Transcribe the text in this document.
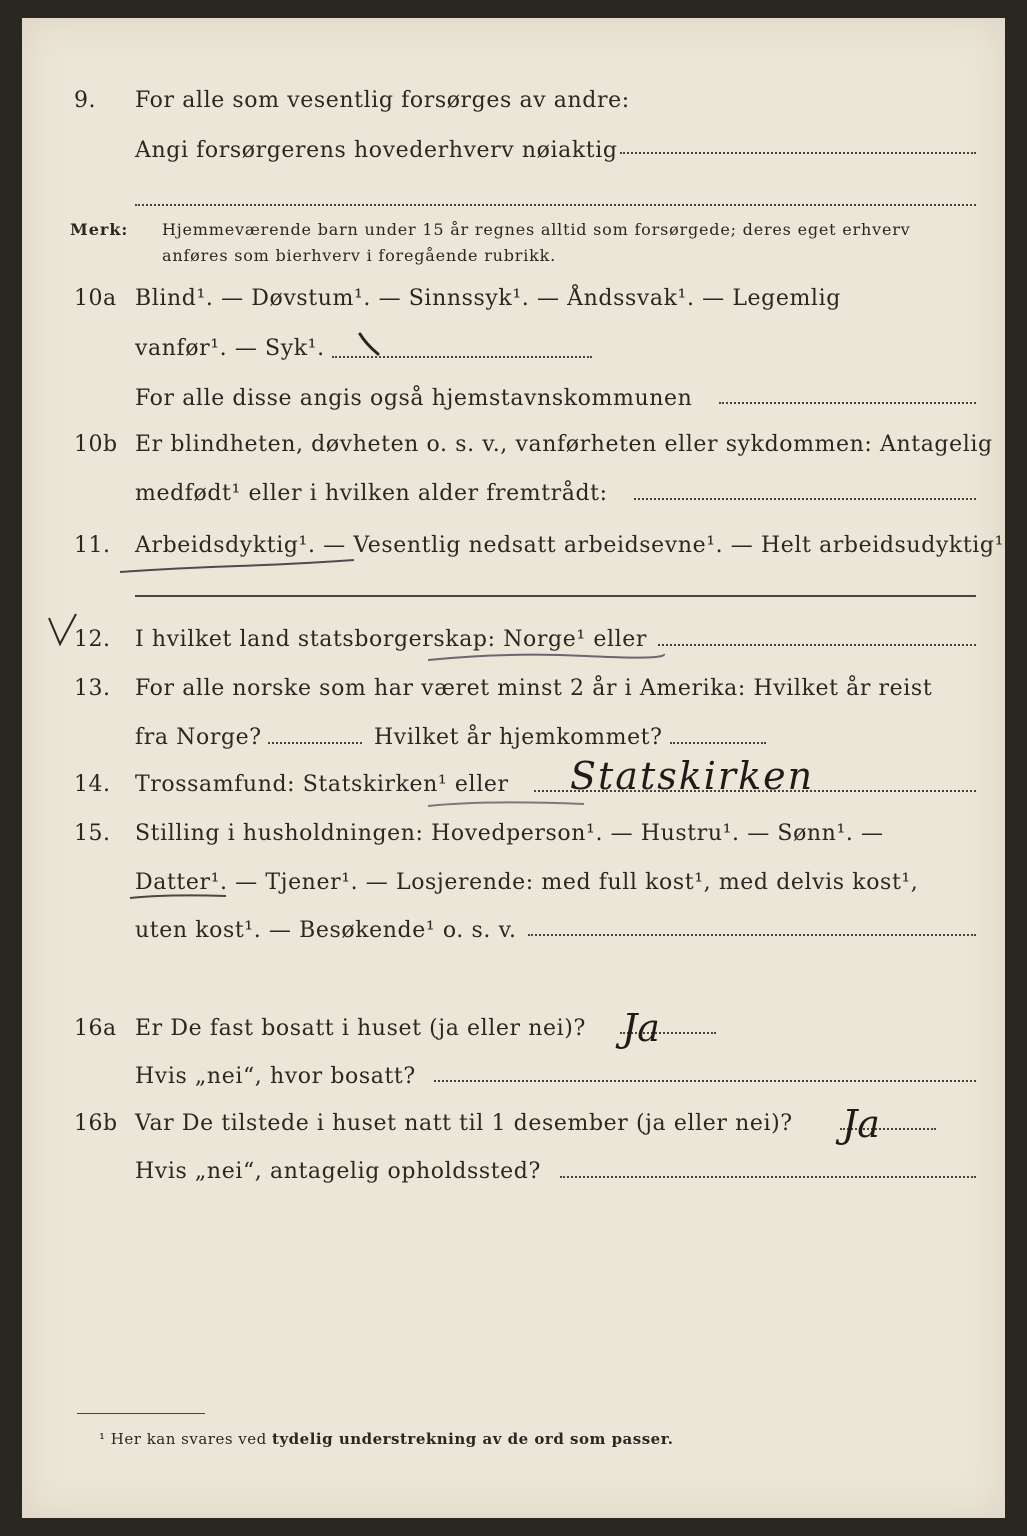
9. For alle som vesentlig forsørges av andre:
Angi forsørgerens hovederhverv nøiaktig
Merk: Hjemmeværende barn under 15 år regnes alltid som forsørgede; deres eget erhverv
anføres som bierhverv i foregående rubrikk.
10a Blind¹. — Døvstum¹. — Sinnssyk¹. — Åndssvak¹. — Legemlig
vanfør¹. — Syk¹.
For alle disse angis også hjemstavnskommunen
10b Er blindheten, døvheten o. s. v., vanførheten eller sykdommen: Antagelig
medfødt¹ eller i hvilken alder fremtrådt:
11. Arbeidsdyktig¹. — Vesentlig nedsatt arbeidsevne¹. — Helt arbeidsudyktig¹.
12. I hvilket land statsborgerskap: Norge¹ eller
13. For alle norske som har været minst 2 år i Amerika: Hvilket år reist
fra Norge?	Hvilket år hjemkommet?
14. Trossamfund: Statskirken¹ eller Statskirken
15. Stilling i husholdningen: Hovedperson¹. — Hustru¹. — Sønn¹. —
Datter¹. — Tjener¹. — Losjerende: med full kost¹, med delvis kost¹,
uten kost¹. — Besøkende¹ o. s. v.
16a Er De fast bosatt i huset (ja eller nei)? Ja
Hvis „nei“, hvor bosatt?
16b Var De tilstede i huset natt til 1 desember (ja eller nei)? Ja
Hvis „nei“, antagelig opholdssted?
¹ Her kan svares ved tydelig understrekning av de ord som passer.
